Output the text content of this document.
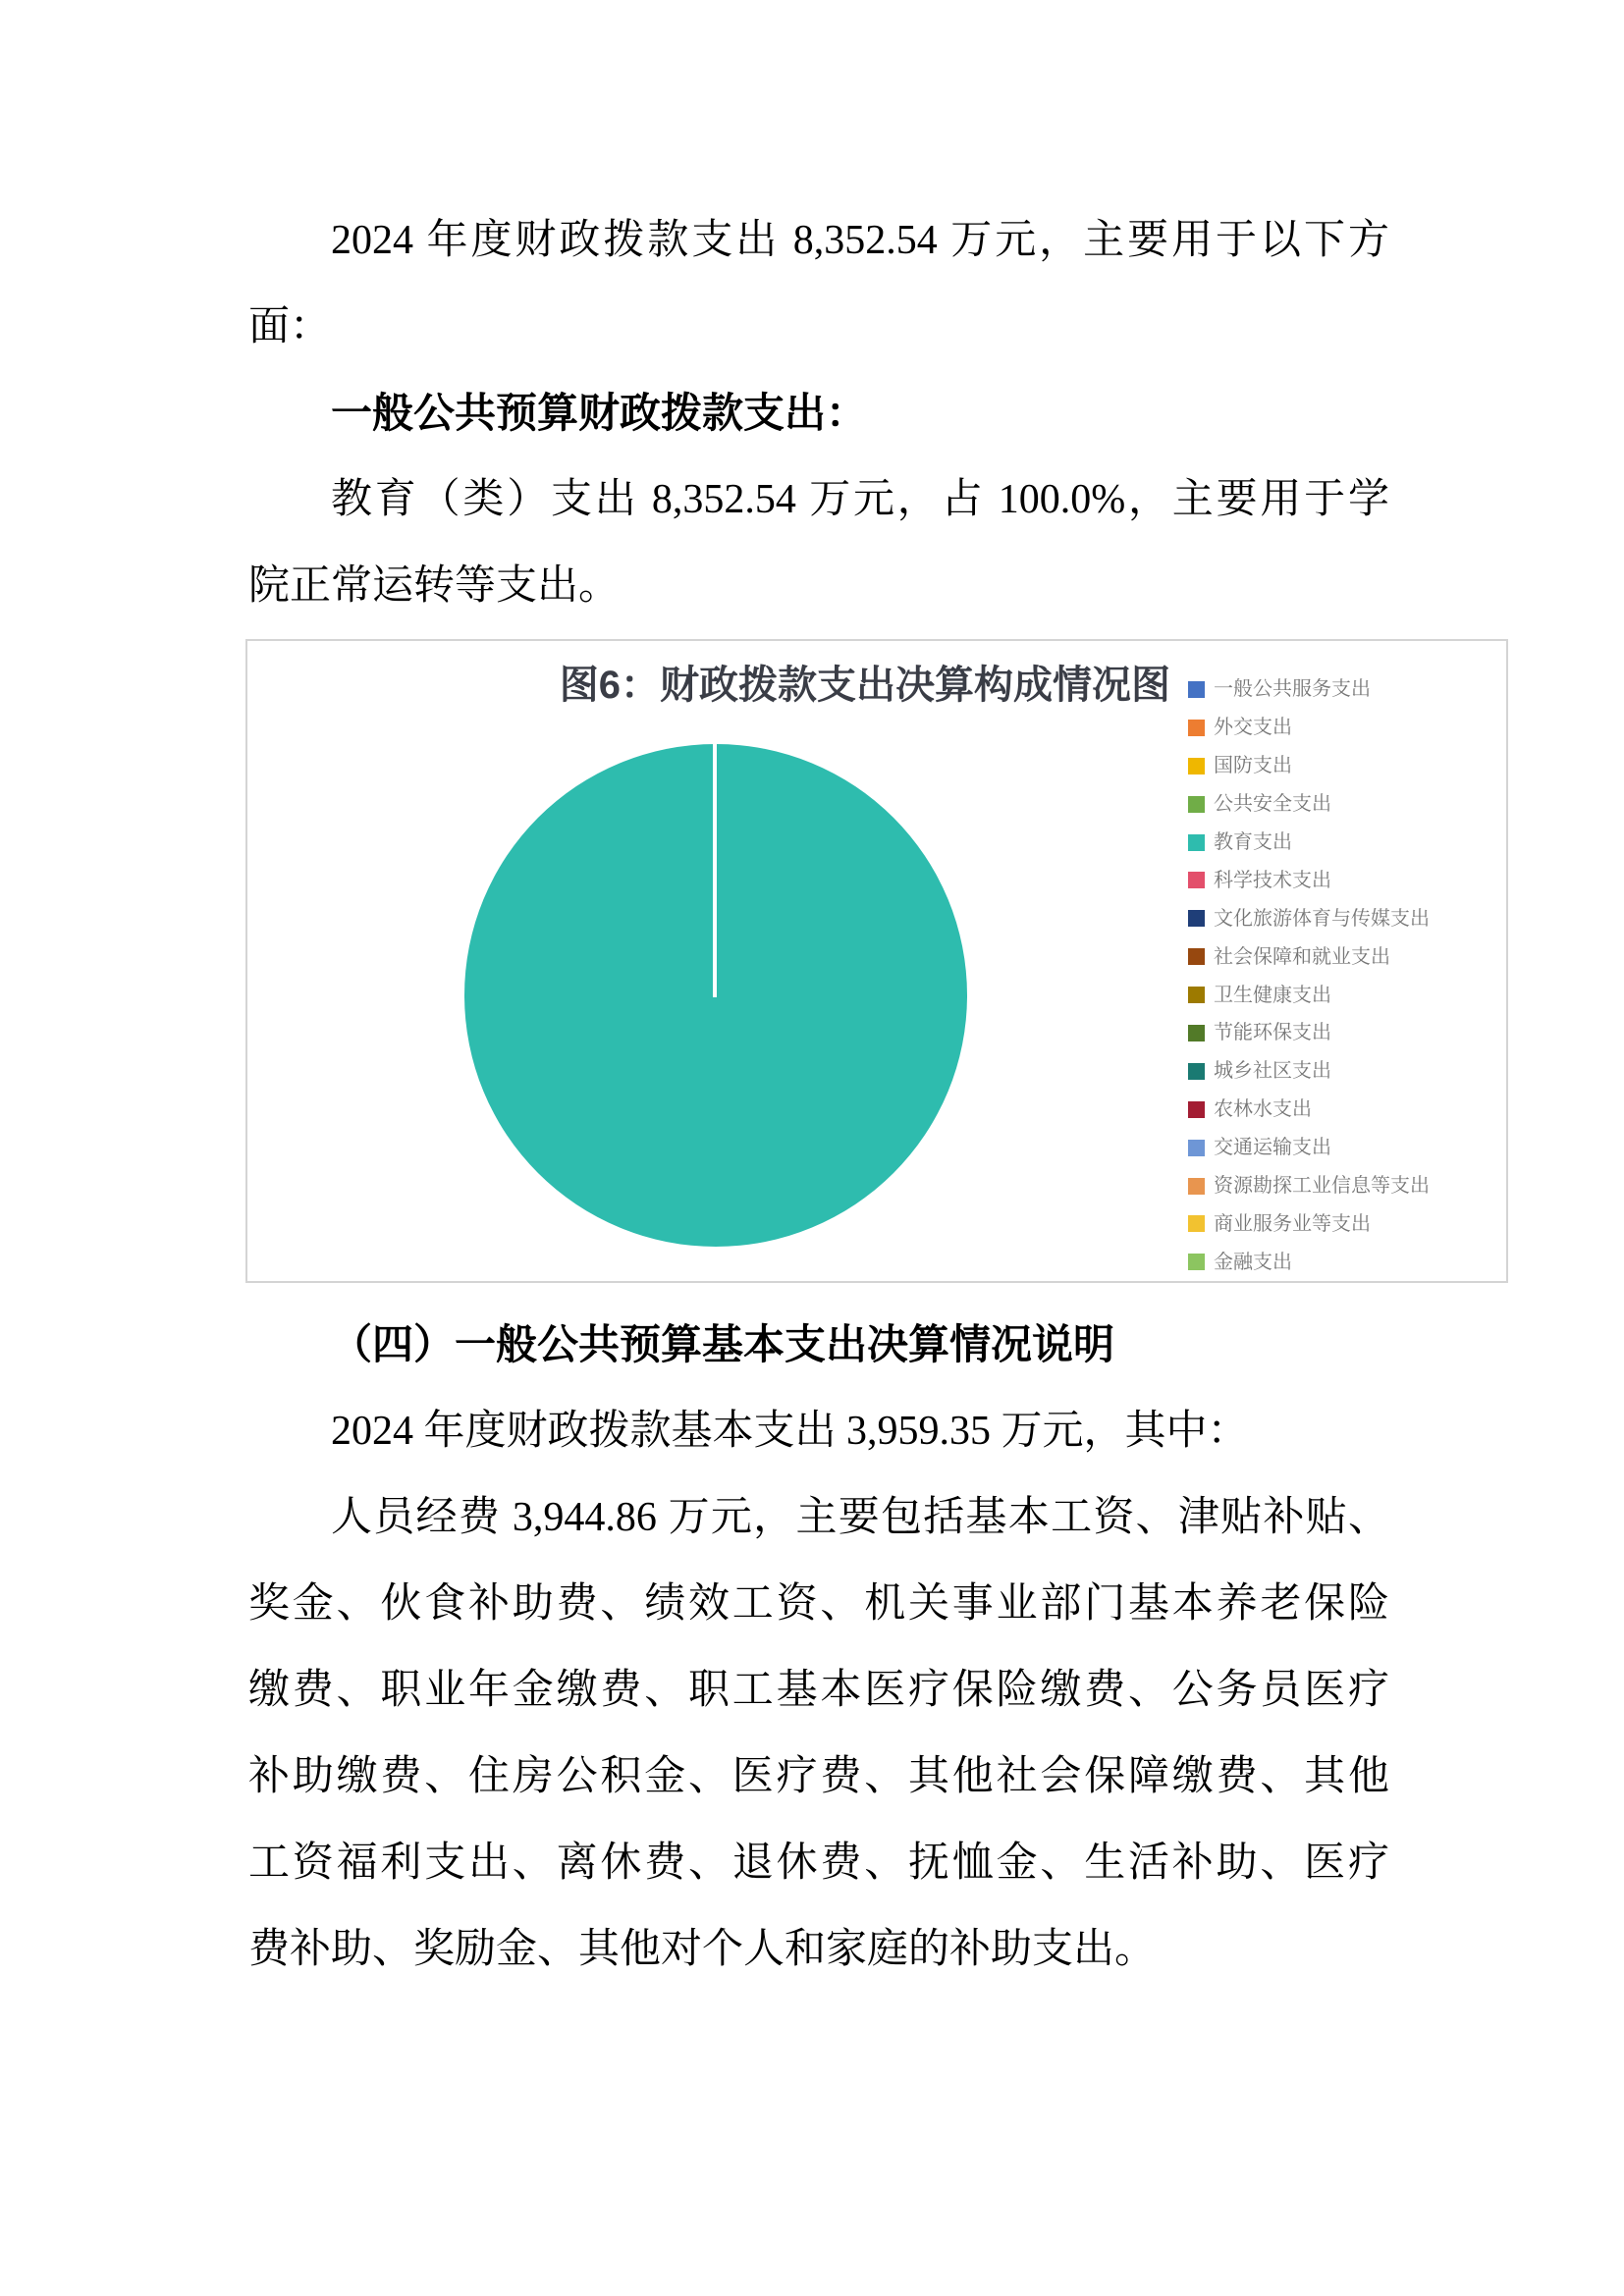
2024 年度财政拨款支出 8,352.54 万元，主要用于以下方
面：
一般公共预算财政拨款支出：
教育（类）支出 8,352.54 万元，占 100.0%，主要用于学
院正常运转等支出。
图6：财政拨款支出决算构成情况图 一般公共服务支出
外交支出
国防支出
公共安全支出
教育支出
科学技术支出
文化旅游体育与传媒支出
社会保障和就业支出
卫生健康支出
节能环保支出
城乡社区支出
农林水支出
交通运输支出
资源勘探工业信息等支出
商业服务业等支出
金融支出
（四）一般公共预算基本支出决算情况说明
2024 年度财政拨款基本支出 3,959.35 万元，其中：
人员经费 3,944.86 万元，主要包括基本工资、津贴补贴、
奖金、伙食补助费、绩效工资、机关事业部门基本养老保险
缴费、职业年金缴费、职工基本医疗保险缴费、公务员医疗
补助缴费、住房公积金、医疗费、其他社会保障缴费、其他
工资福利支出、离休费、退休费、抚恤金、生活补助、医疗
费补助、奖励金、其他对个人和家庭的补助支出。
